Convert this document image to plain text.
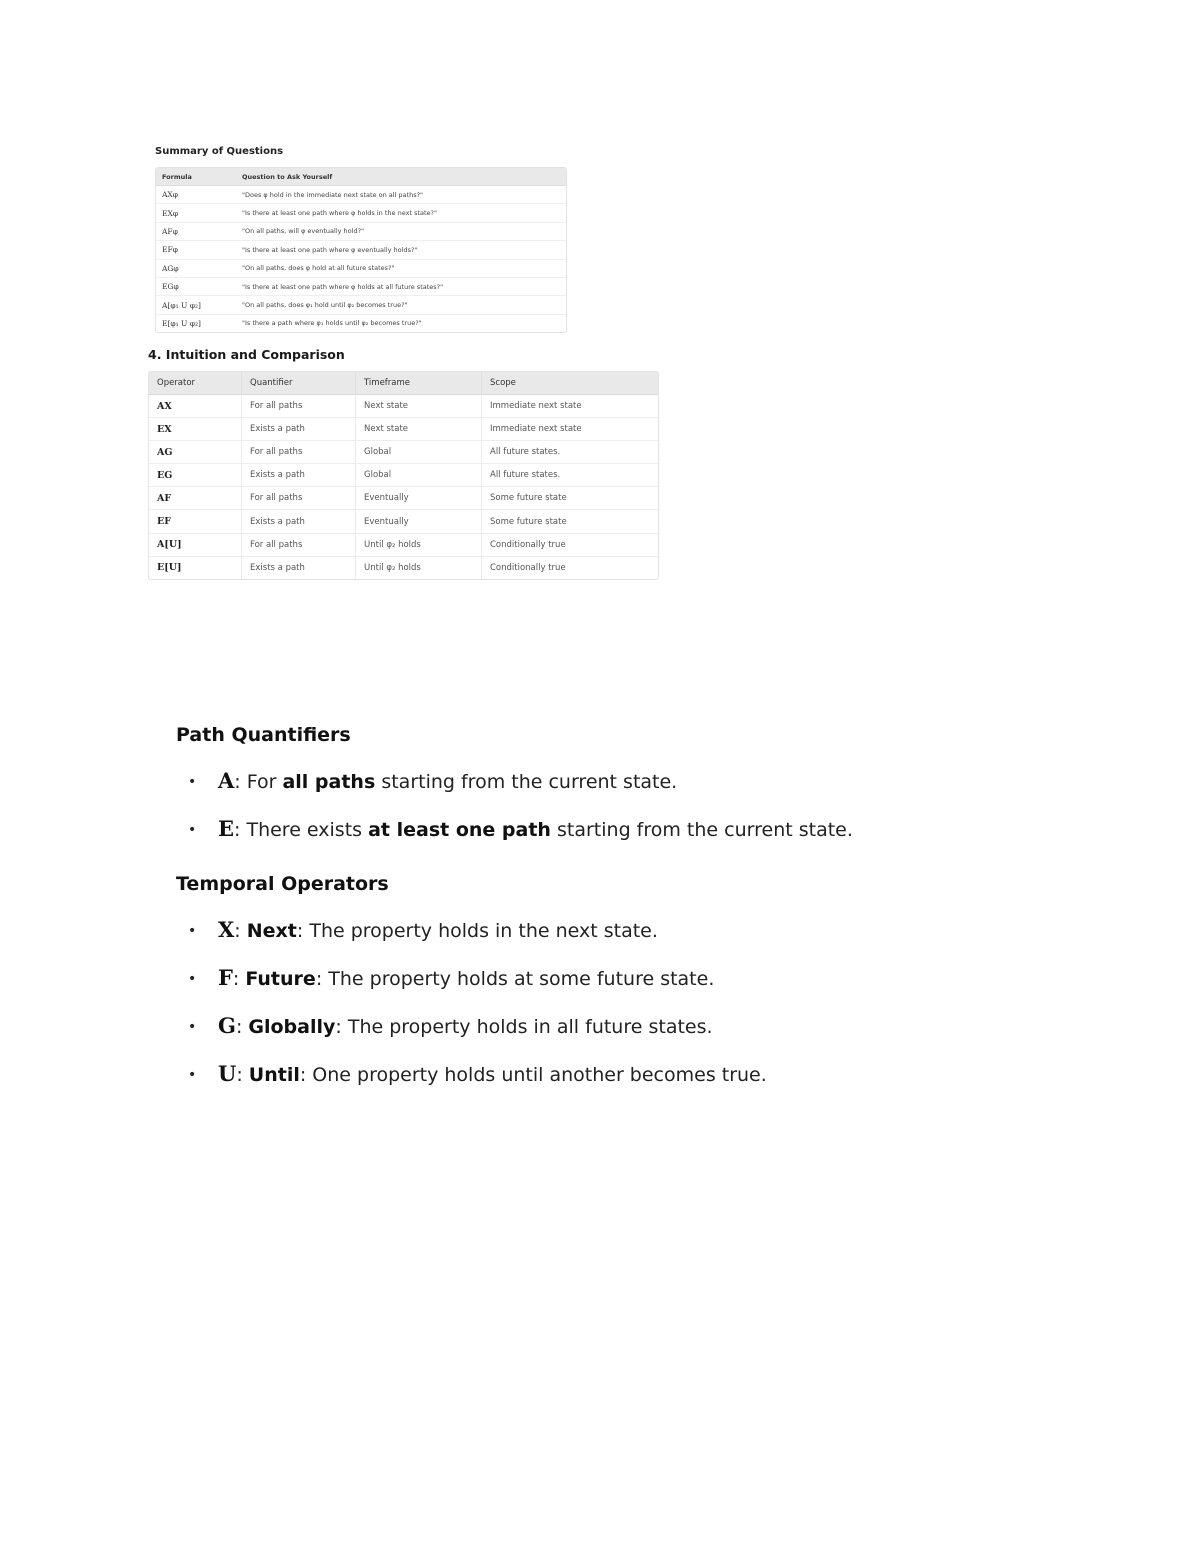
Summary of Questions
Formula	Question to Ask Yourself
AXφ	"Does φ hold in the immediate next state on all paths?"
EXφ	"Is there at least one path where φ holds in the next state?"
AFφ	"On all paths, will φ eventually hold?"
EFφ	"Is there at least one path where φ eventually holds?"
AGφ	"On all paths, does φ hold at all future states?"
EGφ	"Is there at least one path where φ holds at all future states?"
A[φ₁ U φ₂]	"On all paths, does φ₁ hold until φ₂ becomes true?"
E[φ₁ U φ₂]	"Is there a path where φ₁ holds until φ₂ becomes true?"
4. Intuition and Comparison
Operator	Quantifier	Timeframe	Scope
AX	For all paths	Next state	Immediate next state
EX	Exists a path	Next state	Immediate next state
AG	For all paths	Global	All future states.
EG	Exists a path	Global	All future states.
AF	For all paths	Eventually	Some future state
EF	Exists a path	Eventually	Some future state
A[U]	For all paths	Until φ₂ holds	Conditionally true
E[U]	Exists a path	Until φ₂ holds	Conditionally true
Path Quantifiers
• A: For all paths starting from the current state.
• E: There exists at least one path starting from the current state.
Temporal Operators
• X: Next: The property holds in the next state.
• F: Future: The property holds at some future state.
• G: Globally: The property holds in all future states.
• U: Until: One property holds until another becomes true.
